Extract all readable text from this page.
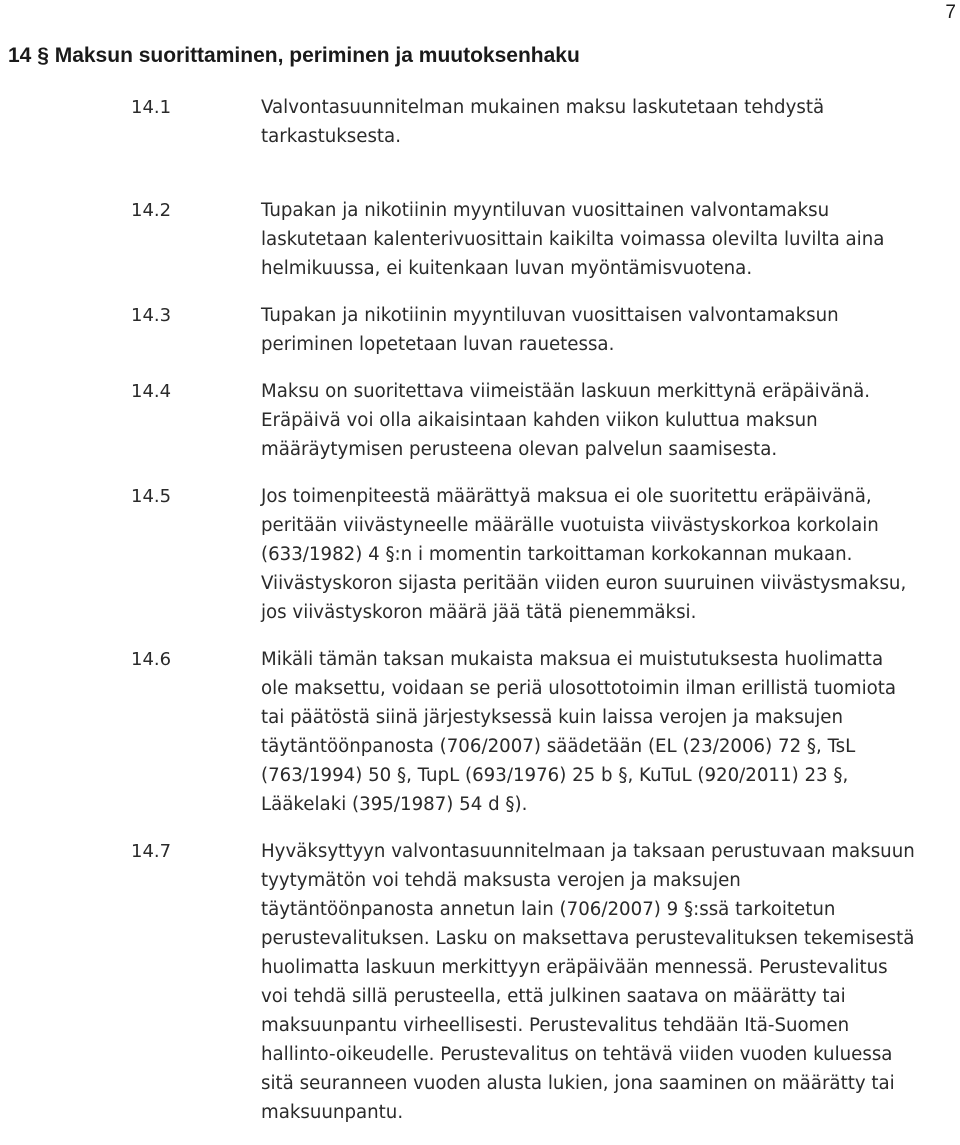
7
14 § Maksun suorittaminen, periminen ja muutoksenhaku
14.1	Valvontasuunnitelman mukainen maksu laskutetaan tehdystä
tarkastuksesta.

14.2	Tupakan ja nikotiinin myyntiluvan vuosittainen valvontamaksu
laskutetaan kalenterivuosittain kaikilta voimassa olevilta luvilta aina
helmikuussa, ei kuitenkaan luvan myöntämisvuotena.

14.3	Tupakan ja nikotiinin myyntiluvan vuosittaisen valvontamaksun
periminen lopetetaan luvan rauetessa.

14.4	Maksu on suoritettava viimeistään laskuun merkittynä eräpäivänä.
Eräpäivä voi olla aikaisintaan kahden viikon kuluttua maksun
määräytymisen perusteena olevan palvelun saamisesta.

14.5	Jos toimenpiteestä määrättyä maksua ei ole suoritettu eräpäivänä,
peritään viivästyneelle määrälle vuotuista viivästyskorkoa korkolain
(633/1982) 4 §:n i momentin tarkoittaman korkokannan mukaan.
Viivästyskoron sijasta peritään viiden euron suuruinen viivästysmaksu,
jos viivästyskoron määrä jää tätä pienemmäksi.

14.6	Mikäli tämän taksan mukaista maksua ei muistutuksesta huolimatta
ole maksettu, voidaan se periä ulosottotoimin ilman erillistä tuomiota
tai päätöstä siinä järjestyksessä kuin laissa verojen ja maksujen
täytäntöönpanosta (706/2007) säädetään (EL (23/2006) 72 §, TsL
(763/1994) 50 §, TupL (693/1976) 25 b §, KuTuL (920/2011) 23 §,
Lääkelaki (395/1987) 54 d §).

14.7	Hyväksyttyyn valvontasuunnitelmaan ja taksaan perustuvaan maksuun
tyytymätön voi tehdä maksusta verojen ja maksujen
täytäntöönpanosta annetun lain (706/2007) 9 §:ssä tarkoitetun
perustevalituksen. Lasku on maksettava perustevalituksen tekemisestä
huolimatta laskuun merkittyyn eräpäivään mennessä. Perustevalitus
voi tehdä sillä perusteella, että julkinen saatava on määrätty tai
maksuunpantu virheellisesti. Perustevalitus tehdään Itä-Suomen
hallinto-oikeudelle. Perustevalitus on tehtävä viiden vuoden kuluessa
sitä seuranneen vuoden alusta lukien, jona saaminen on määrätty tai
maksuunpantu.
